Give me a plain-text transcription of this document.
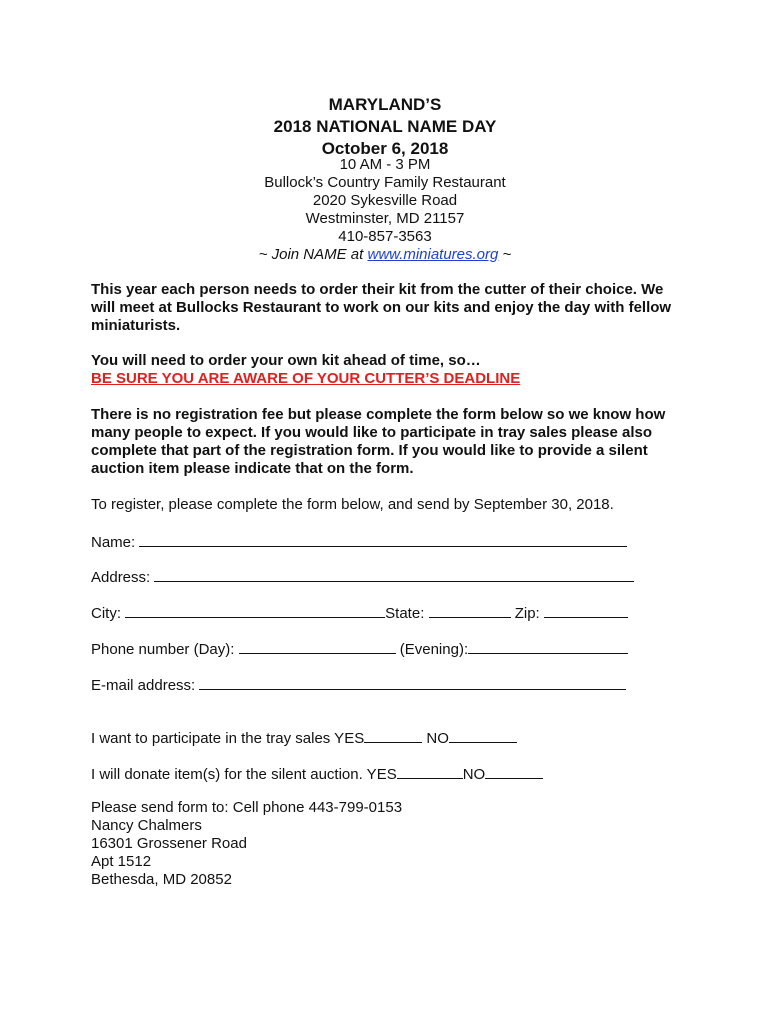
MARYLAND’S
2018 NATIONAL NAME DAY
October 6, 2018
10 AM - 3 PM
Bullock’s Country Family Restaurant
2020 Sykesville Road
Westminster, MD 21157
410-857-3563
~ Join NAME at www.miniatures.org ~
This year each person needs to order their kit from the cutter of their choice. We will meet at Bullocks Restaurant to work on our kits and enjoy the day with fellow miniaturists.
You will need to order your own kit ahead of time, so…
BE SURE YOU ARE AWARE OF YOUR CUTTER’S DEADLINE
There is no registration fee but please complete the form below so we know how many people to expect. If you would like to participate in tray sales please also complete that part of the registration form. If you would like to provide a silent auction item please indicate that on the form.
To register, please complete the form below, and send by September 30, 2018.
Name:
Address:
City:	State:	Zip:
Phone number (Day):	(Evening):
E-mail address:
I want to participate in the tray sales YES	NO
I will donate item(s) for the silent auction. YES	NO
Please send form to: Cell phone 443-799-0153
Nancy Chalmers
16301 Grossener Road
Apt 1512
Bethesda, MD 20852
